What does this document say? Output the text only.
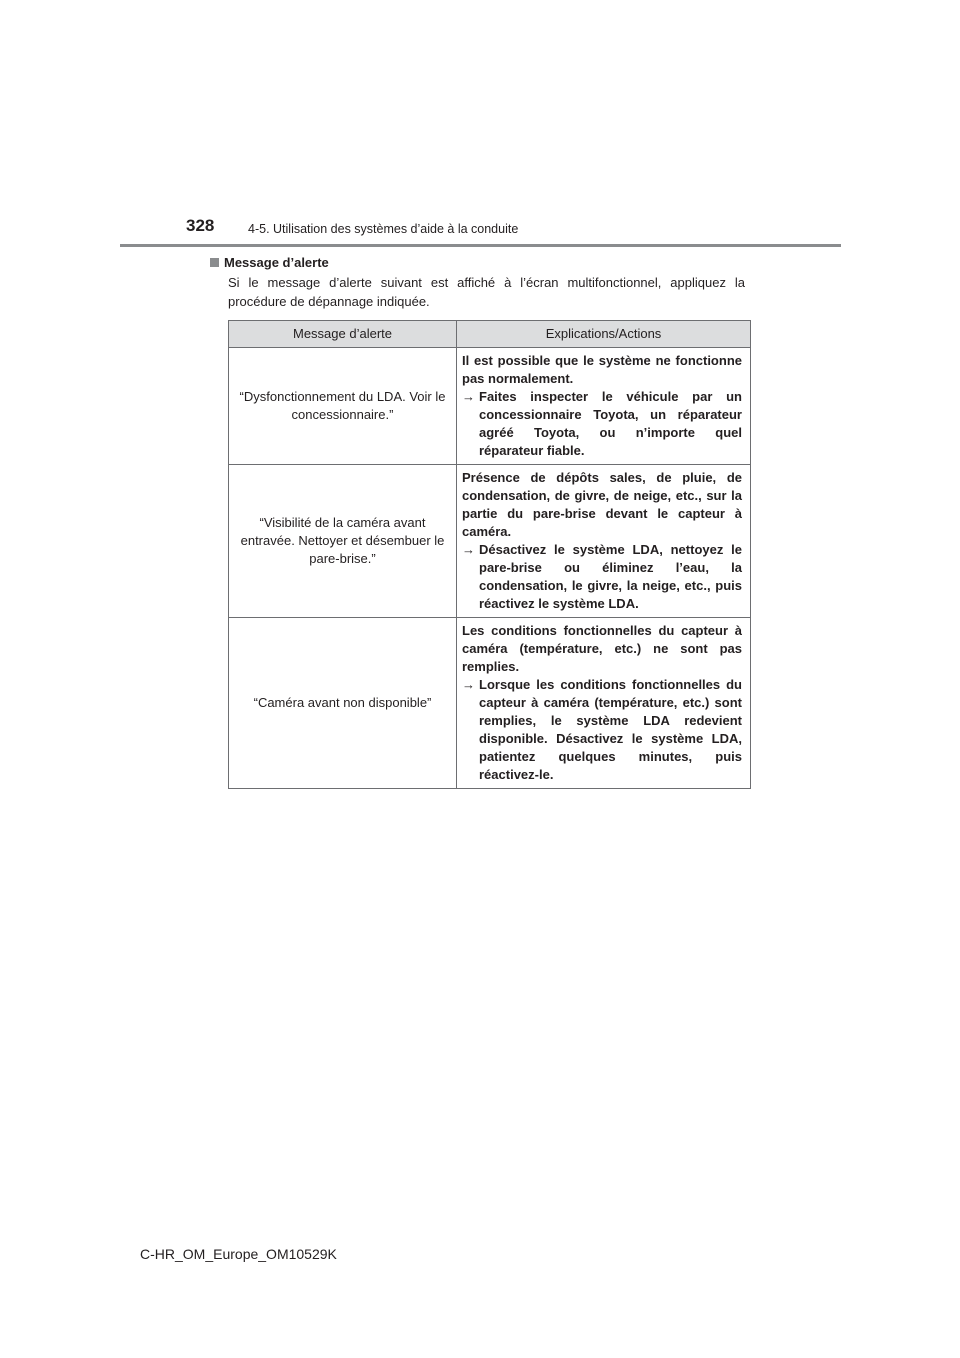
328	4-5. Utilisation des systèmes d’aide à la conduite

Message d’alerte

Si le message d’alerte suivant est affiché à l’écran multifonctionnel, appliquez la procédure de dépannage indiquée.

Message d’alerte	Explications/Actions
“Dysfonctionnement du LDA. Voir le concessionnaire.”	Il est possible que le système ne fonctionne pas normalement.

→ Faites inspecter le véhicule par un concessionnaire Toyota, un réparateur agréé Toyota, ou n’importe quel réparateur fiable.

“Visibilité de la caméra avant entravée. Nettoyer et désembuer le pare-brise.”	Présence de dépôts sales, de pluie, de condensation, de givre, de neige, etc., sur la partie du pare-brise devant le capteur à caméra.

→ Désactivez le système LDA, nettoyez le pare-brise ou éliminez l’eau, la condensation, le givre, la neige, etc., puis réactivez le système LDA.

“Caméra avant non disponible”	Les conditions fonctionnelles du capteur à caméra (température, etc.) ne sont pas remplies.

→ Lorsque les conditions fonctionnelles du capteur à caméra (température, etc.) sont remplies, le système LDA redevient disponible. Désactivez le système LDA, patientez quelques minutes, puis réactivez-le.

C-HR_OM_Europe_OM10529K
